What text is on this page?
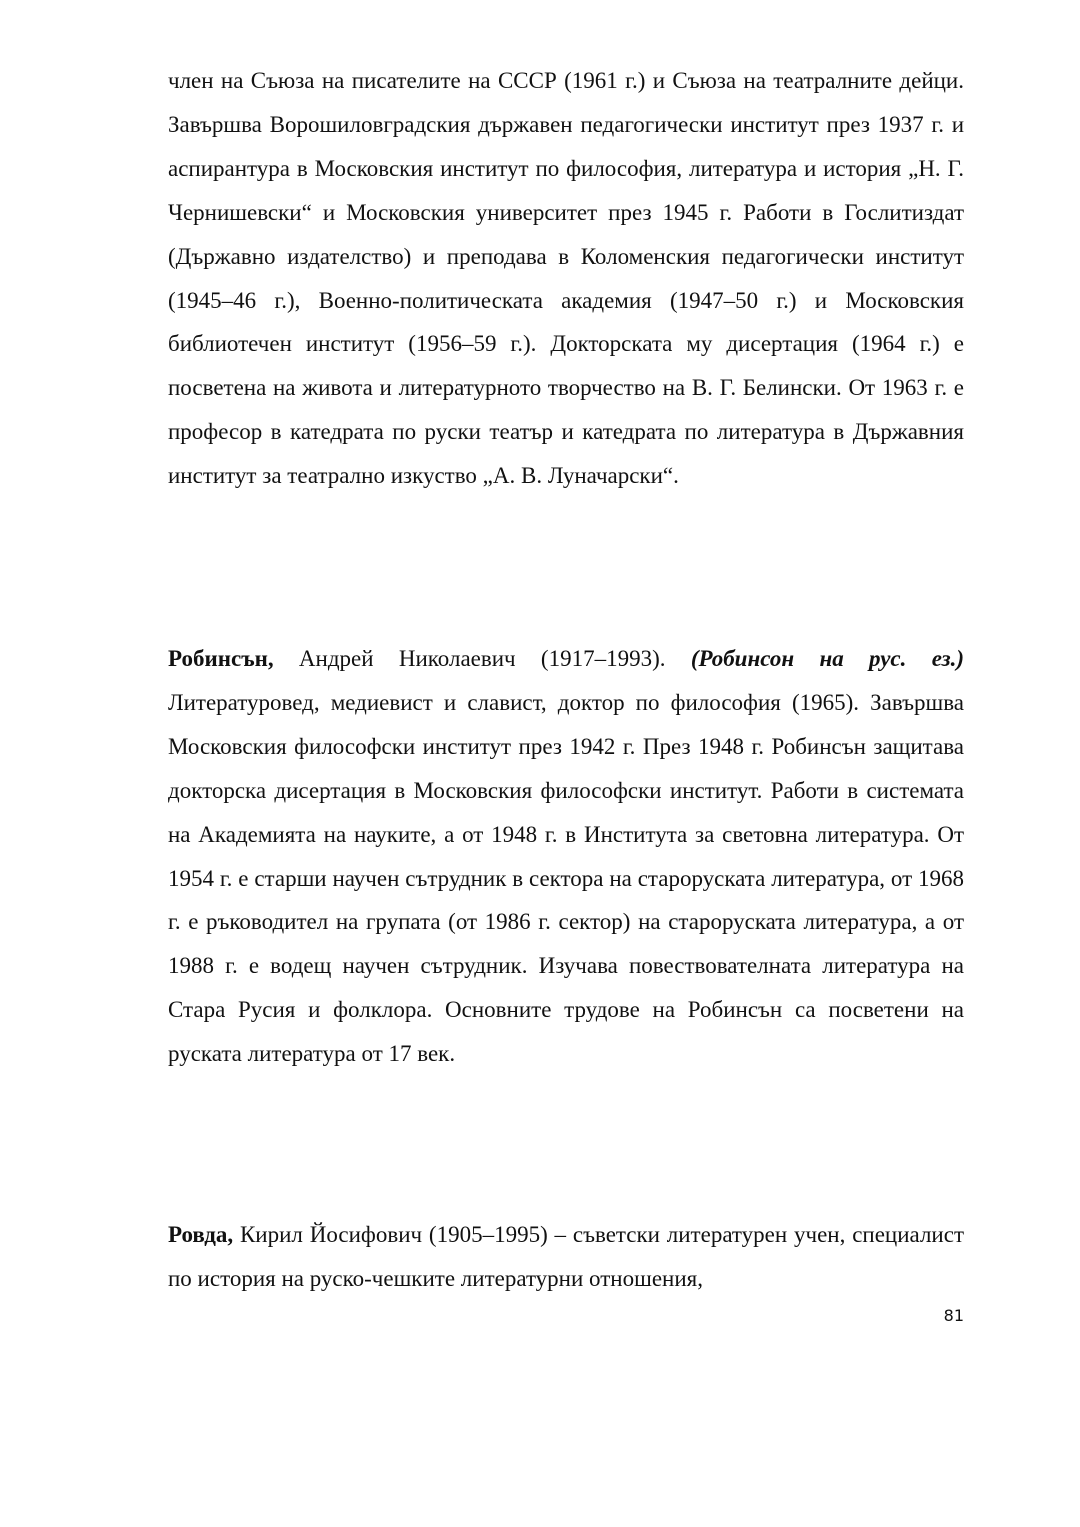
член на Съюза на писателите на СССР (1961 г.) и Съюза на театралните дейци. Завършва Ворошиловградския държавен педагогически институт през 1937 г. и аспирантура в Московския институт по философия, литература и история „Н. Г. Чернишевски“ и Московския университет през 1945 г. Работи в Гослитиздат (Държавно издателство) и преподава в Коломенския педагогически институт (1945–46 г.), Военно-политическата академия (1947–50 г.) и Московския библиотечен институт (1956–59 г.). Докторската му дисертация (1964 г.) е посветена на живота и литературното творчество на В. Г. Белински. От 1963 г. е професор в катедрата по руски театър и катедрата по литература в Държавния институт за театрално изкуство „А. В. Луначарски“.

Робинсън, Андрей Николаевич (1917–1993). (Робинсон на рус. ез.) Литературовед, медиевист и славист, доктор по философия (1965). Завършва Московския философски институт през 1942 г. През 1948 г. Робинсън защитава докторска дисертация в Московския философски институт. Работи в системата на Академията на науките, а от 1948 г. в Института за световна литература. От 1954 г. е старши научен сътрудник в сектора на староруската литература, от 1968 г. е ръководител на групата (от 1986 г. сектор) на староруската литература, а от 1988 г. е водещ научен сътрудник. Изучава повествователната литература на Стара Русия и фолклора. Основните трудове на Робинсън са посветени на руската литература от 17 век.

Ровда, Кирил Йосифович (1905–1995) – съветски литературен учен, специалист по история на руско-чешките литературни отношения,

81
